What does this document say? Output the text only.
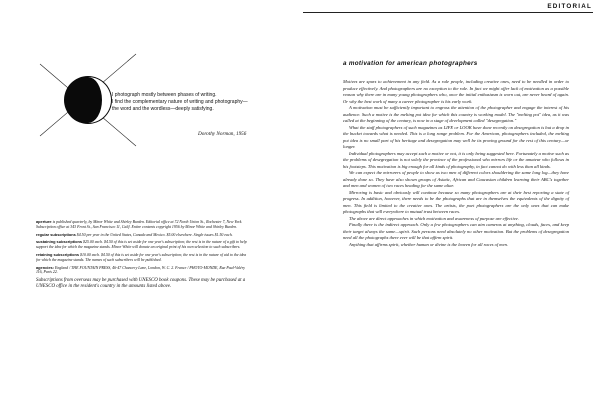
I photograph mostly between phases of writing.

I find the complementary nature of writing and photography—

the word and the wordless—deeply satisfying.

Dorothy Norman, 1956

aperture is published quarterly, by Minor White and Shirley Burden. Editorial office at 72 North Union St., Rochester 7, New York. Subscription office at 343 Front St., San Francisco 11, Calif. Entire contents copyright 1956 by Minor White and Shirley Burden.

regular subscriptions $4.50 per year in the United States, Canada and Mexico. $5.00 elsewhere. Single issues $1.50 each.

sustaining subscriptions $25.00 each. $4.50 of this is set aside for one year's subscription; the rest is in the nature of a gift to help support the idea for which the magazine stands. Minor White will donate an original print of his own selection to such subscribers.

retaining subscriptions $10.00 each. $4.50 of this is set aside for one year's subscription; the rest is in the nature of aid to the idea for which the magazine stands. The names of such subscribers will be published.

agencies: England / THE FOUNTAIN PRESS, 46-47 Chancery Lane, London, W. C. 2. France / PHOTO-MONDE, Rue Paul-Valéry 116, Paris 22.

Subscriptions from overseas may be purchased with UNESCO book coupons. These may be purchased at a UNESCO office in the resident's country in the amounts listed above.

EDITORIAL
a motivation for american photographers

Motives are spurs to achievement in any field. As a rule people, including creative ones, need to be needled in order to produce effectively. And photographers are no exception to the rule. In fact we might offer lack of motivation as a possible reason why there are in many young photographers who, once the initial enthusiasm is worn out, are never heard of again. Or why the best work of many a career photographer is his early work.

A motivation must be sufficiently important to engross the attention of the photographer and engage the interest of his audience. Such a motive is the melting pot idea for which this country is working model. The "melting pot" idea, as it was called at the beginning of the century, is now in a stage of development called "desegregation."

What the staff photographers of such magazines as LIFE or LOOK have done recently on desegregation is but a drop in the bucket towards what is needed. This is a long range problem. For the American, photographers included, the melting pot idea is no small part of his heritage and desegregation may well be its proving ground for the rest of this century—or longer.

Individual photographers may accept such a motive or not, it is only being suggested here. Fortunately a motive such as the problems of desegregation is not solely the province of the professional who mirrors life or the amateur who follows in his footsteps. This motivation is big enough for all kinds of photography, in fact cannot do with less than all kinds.

We can expect the mirrorers of people to show us two men of different colors shouldering the same long log—they have already done so. They have also shown groups of Asiatic, African and Caucasian children learning their ABC's together and men and women of two races heading for the same altar.

Mirroring is basic and obviously will continue because so many photographers are at their best reporting a state of progress. In addition, however, there needs to be the photographs that are in themselves the equivalents of the dignity of men. This field is limited to the creative ones. The artists, the poet photographers are the only ones that can make photographs that will everywhere to mutual trust between races.

The above are direct approaches in which motivation and awareness of purpose are effective.

Finally there is the indirect approach. Only a few photographers can aim cameras at anything, clouds, faces, and keep their target always the same—spirit. Such persons need absolutely no other motivation. But the problems of desegregation need all the photographs there ever will be that affirm spirit.

Anything that affirms spirit, whether human or divine is the leaven for all races of men.
